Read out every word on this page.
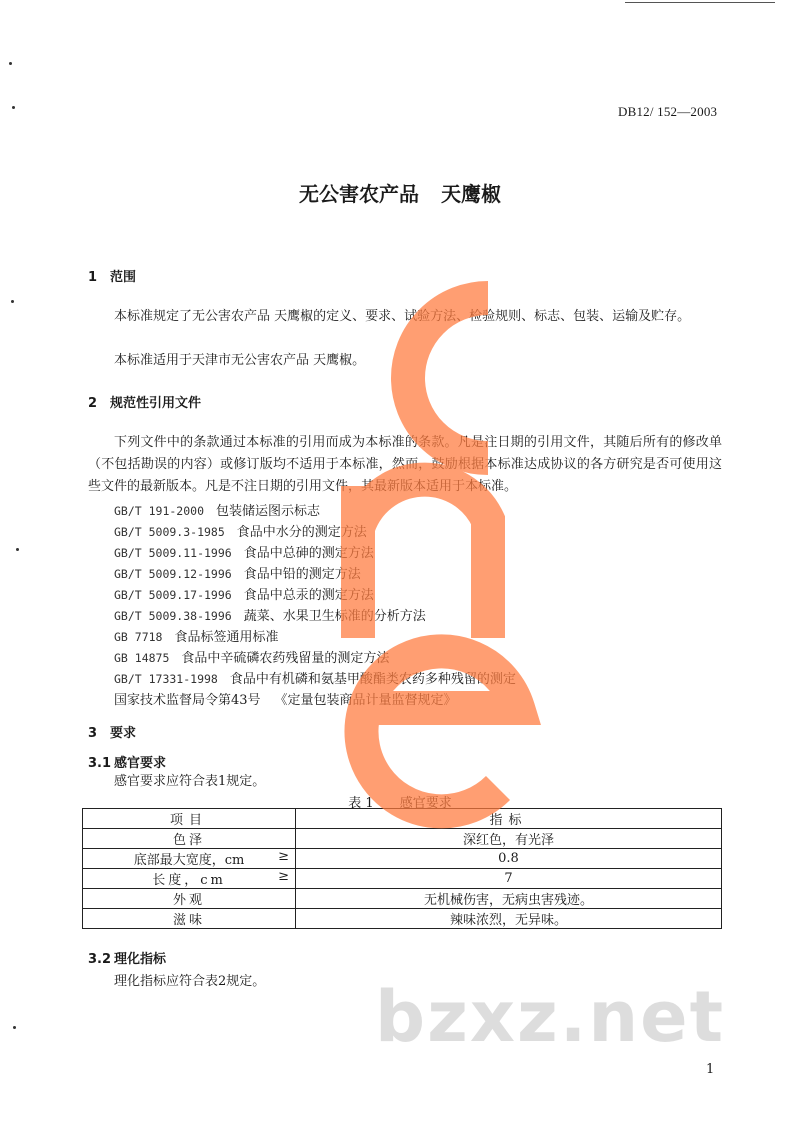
DB12/ 152—2003
无公害农产品 天鹰椒
1 范围

本标准规定了无公害农产品 天鹰椒的定义、要求、试验方法、检验规则、标志、包装、运输及贮存。

本标准适用于天津市无公害农产品 天鹰椒。

2 规范性引用文件

下列文件中的条款通过本标准的引用而成为本标准的条款。凡是注日期的引用文件，其随后所有的修改单（不包括勘误的内容）或修订版均不适用于本标准，然而，鼓励根据本标准达成协议的各方研究是否可使用这些文件的最新版本。凡是不注日期的引用文件，其最新版本适用于本标准。

GB/T 191-2000 包装储运图示标志
GB/T 5009.3-1985 食品中水分的测定方法
GB/T 5009.11-1996 食品中总砷的测定方法
GB/T 5009.12-1996 食品中铅的测定方法
GB/T 5009.17-1996 食品中总汞的测定方法
GB/T 5009.38-1996 蔬菜、水果卫生标准的分析方法
GB 7718 食品标签通用标准
GB 14875 食品中辛硫磷农药残留量的测定方法
GB/T 17331-1998 食品中有机磷和氨基甲酸酯类农药多种残留的测定
国家技术监督局令第43号 《定量包装商品计量监督规定》
3 要求
3.1 感官要求
感官要求应符合表1规定。
表 1 感官要求
项目	指标
色泽	深红色，有光泽
底部最大宽度，cm ≥	0.8
长度，cm ≥	7
外观	无机械伤害，无病虫害残迹。
滋味	辣味浓烈，无异味。
3.2 理化指标
理化指标应符合表2规定。 bzxz.net
1
